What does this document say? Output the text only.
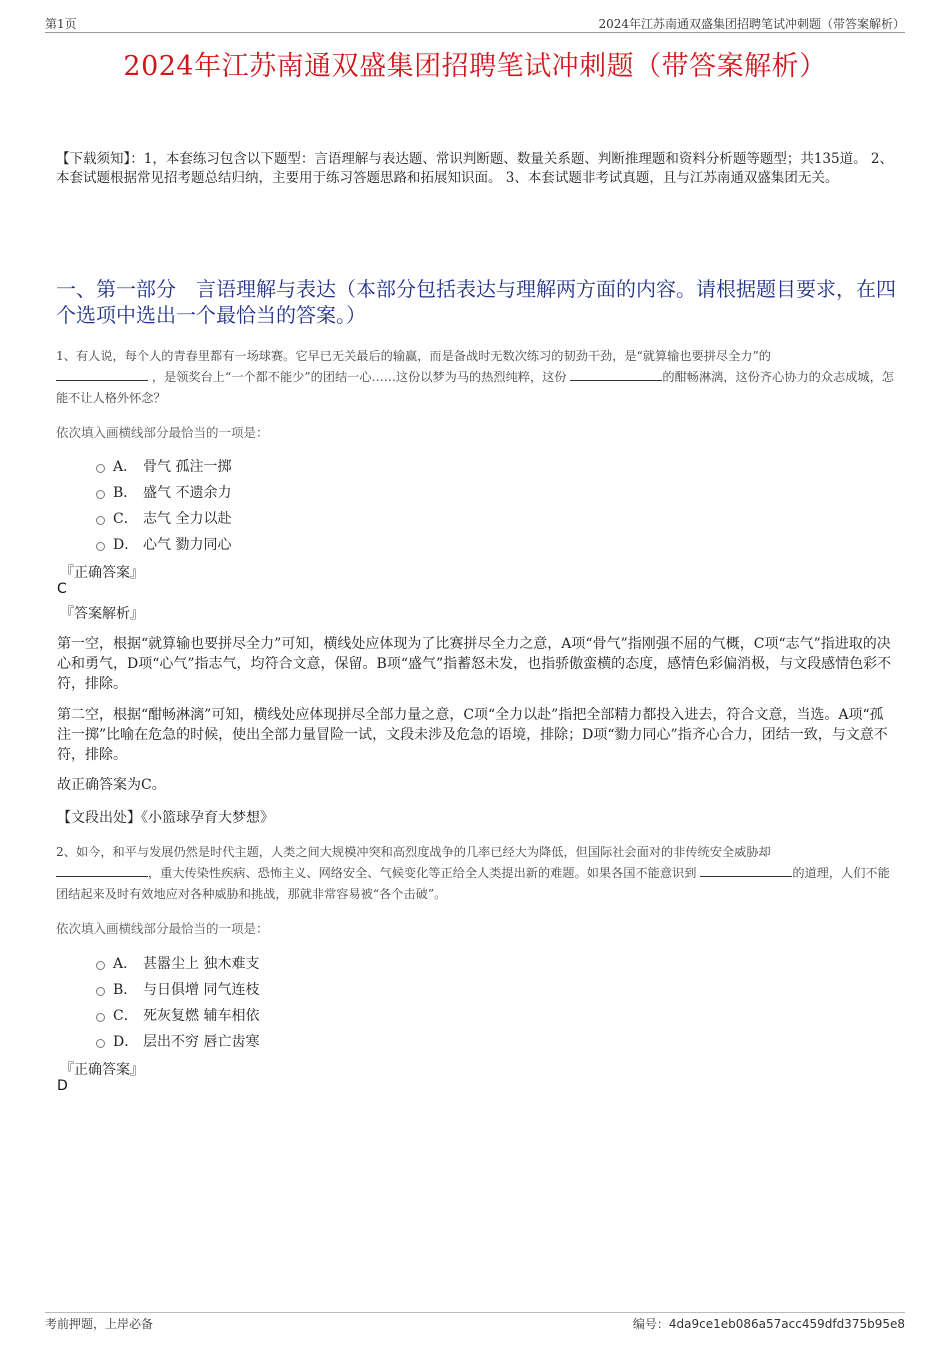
第1页	2024年江苏南通双盛集团招聘笔试冲刺题（带答案解析）
2024年江苏南通双盛集团招聘笔试冲刺题（带答案解析）
【下载须知】：1，本套练习包含以下题型：言语理解与表达题、常识判断题、数量关系题、判断推理题和资料分析题等题型；共135道。 2、本套试题根据常见招考题总结归纳，主要用于练习答题思路和拓展知识面。 3、本套试题非考试真题，且与江苏南通双盛集团无关。
一、第一部分　言语理解与表达（本部分包括表达与理解两方面的内容。请根据题目要求，在四个选项中选出一个最恰当的答案。）
1、有人说，每个人的青春里都有一场球赛。它早已无关最后的输赢，而是备战时无数次练习的韧劲干劲，是“就算输也要拼尽全力”的
，是领奖台上“一个都不能少”的团结一心……这份以梦为马的热烈纯粹，这份	的酣畅淋漓，这份齐心协力的众志成城，怎能不让人格外怀念？
依次填入画横线部分最恰当的一项是：
A． 骨气 孤注一掷
B． 盛气 不遗余力
C． 志气 全力以赴
D． 心气 勠力同心
『正确答案』
C
『答案解析』
第一空，根据“就算输也要拼尽全力”可知，横线处应体现为了比赛拼尽全力之意，A项“骨气”指刚强不屈的气概，C项“志气”指进取的决心和勇气，D项“心气”指志气，均符合文意，保留。B项“盛气”指蓄怒未发，也指骄傲蛮横的态度，感情色彩偏消极，与文段感情色彩不符，排除。
第二空，根据“酣畅淋漓”可知，横线处应体现拼尽全部力量之意，C项“全力以赴”指把全部精力都投入进去，符合文意，当选。A项“孤注一掷”比喻在危急的时候，使出全部力量冒险一试，文段未涉及危急的语境，排除；D项“勠力同心”指齐心合力，团结一致，与文意不符，排除。
故正确答案为C。
【文段出处】《小篮球孕育大梦想》
2、如今，和平与发展仍然是时代主题，人类之间大规模冲突和高烈度战争的几率已经大为降低，但国际社会面对的非传统安全威胁却
，重大传染性疾病、恐怖主义、网络安全、气候变化等正给全人类提出新的难题。如果各国不能意识到	的道理，人们不能团结起来及时有效地应对各种威胁和挑战，那就非常容易被“各个击破”。
依次填入画横线部分最恰当的一项是：
A． 甚嚣尘上 独木难支
B． 与日俱增 同气连枝
C． 死灰复燃 辅车相依
D． 层出不穷 唇亡齿寒
『正确答案』
D
考前押题，上岸必备	编号：4da9ce1eb086a57acc459dfd375b95e8
